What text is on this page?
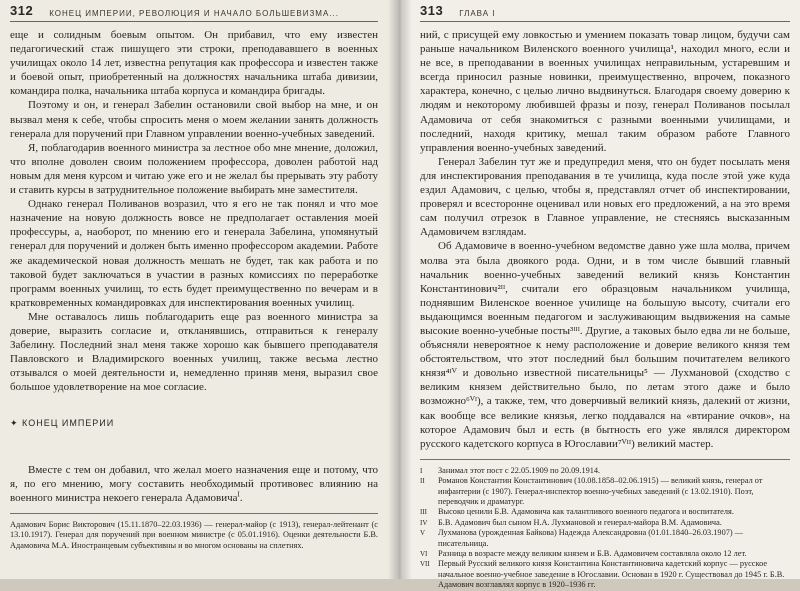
312 КОНЕЦ ИМПЕРИИ, РЕВОЛЮЦИЯ И НАЧАЛО БОЛЬШЕВИЗМА...

еще и солидным боевым опытом. Он прибавил, что ему известен педагогический стаж пишущего эти строки, преподававшего в военных училищах около 14 лет, известна репутация как профессора и известен также и боевой опыт, приобретенный на должностях начальника штаба дивизии, командира полка, начальника штаба корпуса и командира бригады.

Поэтому и он, и генерал Забелин остановили свой выбор на мне, и он вызвал меня к себе, чтобы спросить меня о моем желании занять должность генерала для поручений при Главном управлении военно-учебных заведений.

Я, поблагодарив военного министра за лестное обо мне мнение, доложил, что вполне доволен своим положением профессора, доволен работой над новым для меня курсом и читаю уже его и не желал бы прерывать эту работу и ставить курсы в затруднительное положение выбирать мне заместителя.

Однако генерал Поливанов возразил, что я его не так понял и что мое назначение на новую должность вовсе не предполагает оставления моей профессуры, а, наоборот, по мнению его и генерала Забелина, упомянутый генерал для поручений и должен быть именно профессором академии. Работе же академической новая должность мешать не будет, так как работа и по таковой будет заключаться в участии в разных комиссиях по переработке программ военных училищ, то есть будет преимущественно по вечерам и в кратковременных командировках для инспектирования военных училищ.

Мне оставалось лишь поблагодарить еще раз военного министра за доверие, выразить согласие и, откланявшись, отправиться к генералу Забелину. Последний знал меня также хорошо как бывшего преподавателя Павловского и Владимирского военных училищ, также весьма лестно отзывался о моей деятельности и, немедленно приняв меня, выразил свое большое удовлетворение на мое согласие.

✦ КОНЕЦ ИМПЕРИИ

Вместе с тем он добавил, что желал моего назначения еще и потому, что я, по его мнению, могу составить необходимый противовес влиянию на военного министра некоего генерала Адамовича$^I$.

Адамович Борис Викторович (15.11.1870–22.03.1936) — генерал-майор (с 1913), генерал-лейтенант (с 13.10.1917). Генерал для поручений при военном министре (с 05.01.1916). Оценки деятельности Б.В. Адамовича М.А. Иностранцевым субъективны и во многом основаны на сплетнях.

313 ГЛАВА I

ний, с присущей ему ловкостью и умением показать товар лицом, будучи сам раньше начальником Виленского военного училища¹, находил много, если и не все, в преподавании в военных училищах неправильным, устаревшим и всегда приносил разные новинки, преимущественно, впрочем, показного характера, конечно, с целью лично выдвинуться. Благодаря своему доверию к людям и некоторому любившей фразы и позу, генерал Поливанов посылал Адамовича от себя знакомиться с разными военными училищами, и последний, находя критику, мешал таким образом работе Главного управления военно-учебных заведений.

Генерал Забелин тут же и предупредил меня, что он будет посылать меня для инспектирования преподавания в те училища, куда после этой уже куда ездил Адамович, с целью, чтобы я, представлял отчет об инспектировании, проверял и всесторонне оценивал или новых его предложений, а на это время сам получил отрезок в Главное управление, не стесняясь высказанным Адамовичем взглядам.

Об Адамовиче в военно-учебном ведомстве давно уже шла молва, причем молва эта была двоякого рода. Одни, и в том числе бывший главный начальник военно-учебных заведений великий князь Константин Константинович²ᴵᴵ, считали его образцовым начальником училища, поднявшим Виленское военное училище на большую высоту, считали его выдающимся военным педагогом и заслуживающим выдвижения на самые высокие военно-учебные посты³ᴵᴵᴵ. Другие, а таковых было едва ли не больше, объясняли невероятное к нему расположение и доверие великого князя тем обстоятельством, что этот последний был большим почитателем великого князя⁴ᴵⱽ и довольно известной писательницы⁵ — Лухмановой (сходство с великим князем действительно было, по летам этого даже и было возможно⁶ⱽᴵ), а также, тем, что доверчивый великий князь, далекий от жизни, как вообще все великие князья, легко поддавался на «втирание очков», на которое Адамович был и есть (в бытность его уже являлся директором русского кадетского корпуса в Югославии⁷ⱽᴵᴵ) великий мастер.

I	Занимал этот пост с 22.05.1909 по 20.09.1914.
II	Романов Константин Константинович (10.08.1858–02.06.1915) — великий князь, генерал от инфантерии (с 1907). Генерал-инспектор военно-учебных заведений (с 13.02.1910). Поэт, переводчик и драматург.
III	Высоко ценили Б.В. Адамовича как талантливого военного педагога и воспитателя.
IV	Б.В. Адамович был сыном Н.А. Лухмановой и генерал-майора В.М. Адамовича.
V	Лухманова (урожденная Байкова) Надежда Александровна (01.01.1840–26.03.1907) — писательница.
VI	Разница в возрасте между великим князем и Б.В. Адамовичем составляла около 12 лет.
VII Первый Русский великого князя Константина Константиновича кадетский корпус — русское начальное военно-учебное заведение в Югославии. Основан в 1920 г. Существовал до 1945 г. Б.В. Адамович возглавлял корпус в 1920–1936 гг.
